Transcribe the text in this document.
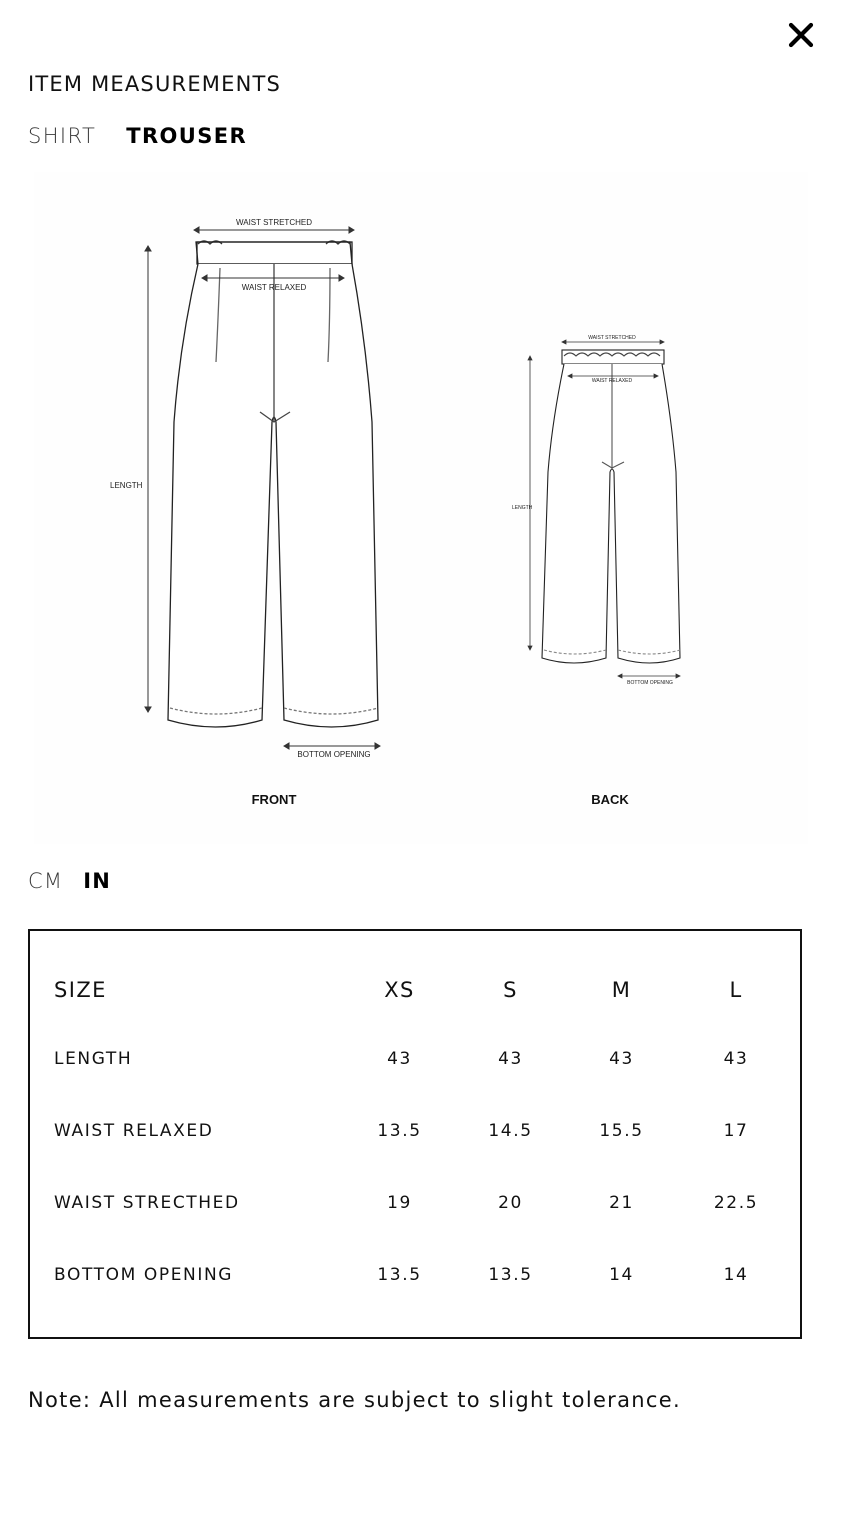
ITEM MEASUREMENTS
SHIRT TROUSER
WAIST STRETCHED
WAIST RELAXED
LENGTH
BOTTOM OPENING
FRONT
WAIST STRETCHED
WAIST RELAXED
LENGTH
BOTTOM OPENING
BACK
CM IN
SIZE	XS	S	M	L
LENGTH	43	43	43	43
WAIST RELAXED	13.5	14.5	15.5	17
WAIST STRECTHED	19	20	21	22.5
BOTTOM OPENING	13.5	13.5	14	14
Note: All measurements are subject to slight tolerance.
